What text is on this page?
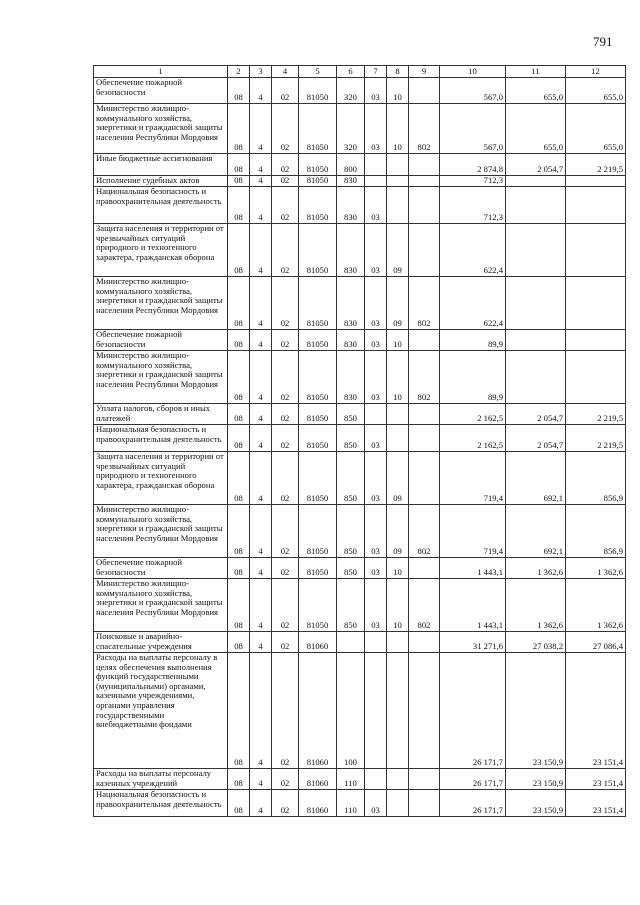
791
1	2	3	4	5	6	7	8	9	10	11	12
Обеспечение пожарной безопасности	08	4	02	81050	320	03	10		567,0	655,0	655,0
Министерство жилищно-коммунального хозяйства, энергетики и гражданской защиты населения Республики Мордовия	08	4	02	81050	320	03	10	802	567,0	655,0	655,0
Иные бюджетные ассигнования	08	4	02	81050	800				2 874,8	2 054,7	2 219,5
Исполнение судебных актов	08	4	02	81050	830				712,3		
Национальная безопасность и правоохранительная деятельность	08	4	02	81050	830	03			712,3		
Защита населения и территории от чрезвычайных ситуаций природного и техногенного характера, гражданская оборона	08	4	02	81050	830	03	09		622,4		
Министерство жилищно-коммунального хозяйства, энергетики и гражданской защиты населения Республики Мордовия	08	4	02	81050	830	03	09	802	622,4		
Обеспечение пожарной безопасности	08	4	02	81050	830	03	10		89,9		
Министерство жилищно-коммунального хозяйства, энергетики и гражданской защиты населения Республики Мордовия	08	4	02	81050	830	03	10	802	89,9		
Уплата налогов, сборов и иных платежей	08	4	02	81050	850				2 162,5	2 054,7	2 219,5
Национальная безопасность и правоохранительная деятельность	08	4	02	81050	850	03			2 162,5	2 054,7	2 219,5
Защита населения и территории от чрезвычайных ситуаций природного и техногенного характера, гражданская оборона	08	4	02	81050	850	03	09		719,4	692,1	856,9
Министерство жилищно-коммунального хозяйства, энергетики и гражданской защиты населения Республики Мордовия	08	4	02	81050	850	03	09	802	719,4	692,1	856,9
Обеспечение пожарной безопасности	08	4	02	81050	850	03	10		1 443,1	1 362,6	1 362,6
Министерство жилищно-коммунального хозяйства, энергетики и гражданской защиты населения Республики Мордовия	08	4	02	81050	850	03	10	802	1 443,1	1 362,6	1 362,6
Поисковые и аварийно-спасательные учреждения	08	4	02	81060					31 271,6	27 038,2	27 086,4
Расходы на выплаты персоналу в целях обеспечения выполнения функций государственными (муниципальными) органами, казенными учреждениями, органами управления государственными внебюджетными фондами	08	4	02	81060	100				26 171,7	23 150,9	23 151,4
Расходы на выплаты персоналу казенных учреждений	08	4	02	81060	110				26 171,7	23 150,9	23 151,4
Национальная безопасность и правоохранительная деятельность	08	4	02	81060	110	03			26 171,7	23 150,9	23 151,4
